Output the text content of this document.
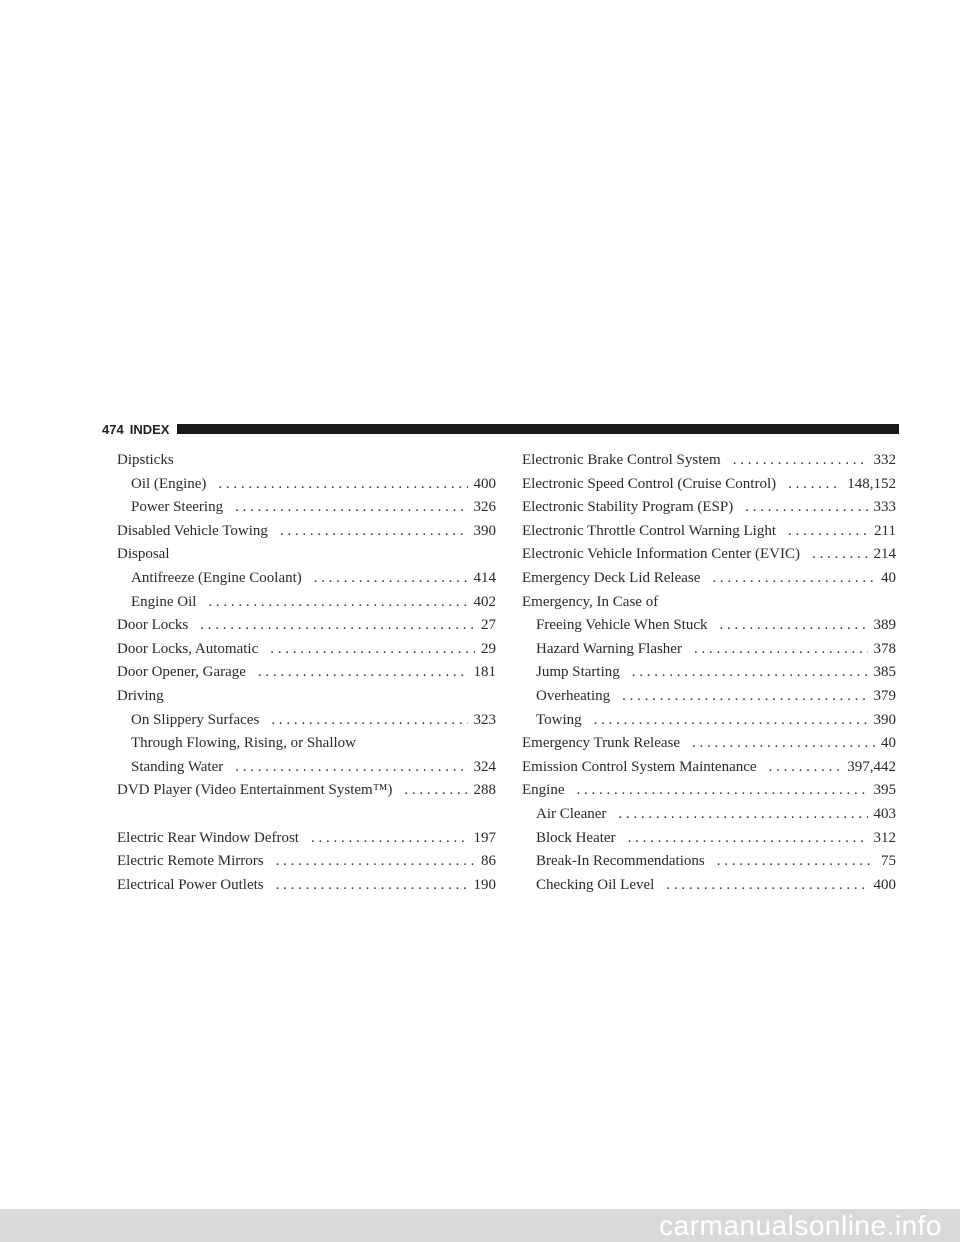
474 INDEX
Dipsticks
Oil (Engine) . . .	400
Power Steering . . .	326
Disabled Vehicle Towing . . .	390
Disposal
Antifreeze (Engine Coolant) . . .	414
Engine Oil . . .	402
Door Locks . . .	27
Door Locks, Automatic . . .	29
Door Opener, Garage . . .	181
Driving
On Slippery Surfaces . . .	323
Through Flowing, Rising, or Shallow
Standing Water . . .	324
DVD Player (Video Entertainment System™) . . .	288
Electric Rear Window Defrost . . .	197
Electric Remote Mirrors . . .	86
Electrical Power Outlets . . .	190
Electronic Brake Control System . . .	332
Electronic Speed Control (Cruise Control) . . .	148,152
Electronic Stability Program (ESP) . . .	333
Electronic Throttle Control Warning Light . . .	211
Electronic Vehicle Information Center (EVIC) . . .	214
Emergency Deck Lid Release . . .	40
Emergency, In Case of
Freeing Vehicle When Stuck . . .	389
Hazard Warning Flasher . . .	378
Jump Starting . . .	385
Overheating . . .	379
Towing . . .	390
Emergency Trunk Release . . .	40
Emission Control System Maintenance . . .	397,442
Engine . . .	395
Air Cleaner . . .	403
Block Heater . . .	312
Break-In Recommendations . . .	75
Checking Oil Level . . .	400
carmanualsonline.info
